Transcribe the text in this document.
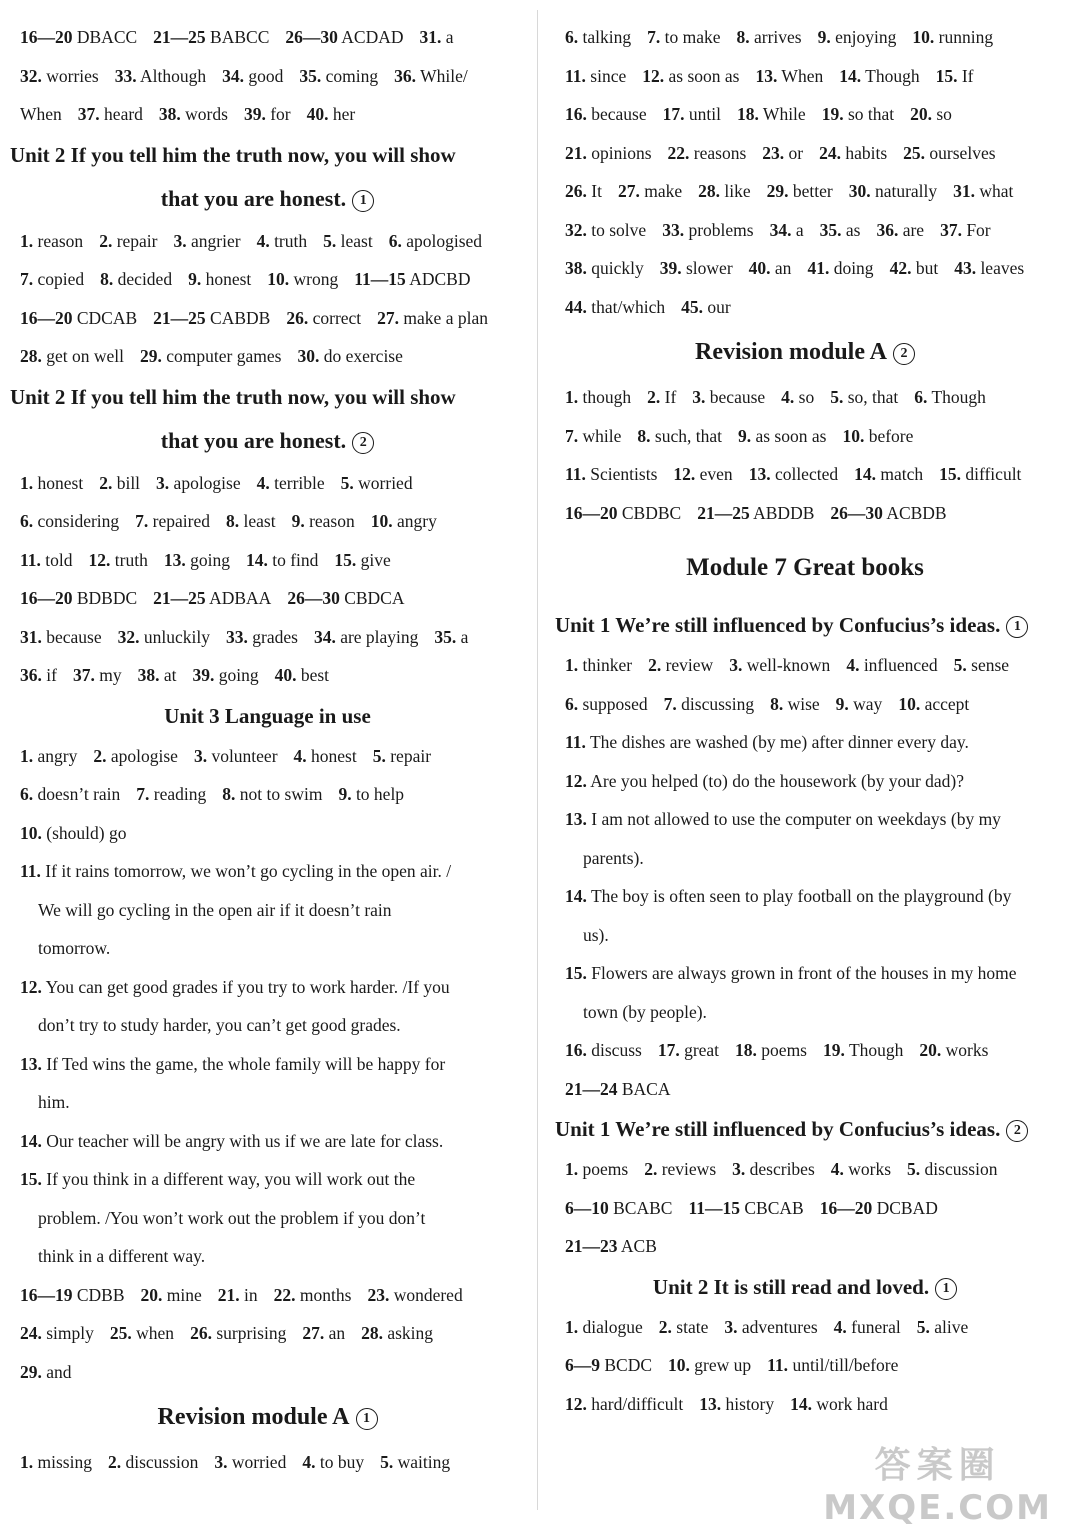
16—20 DBACC 21—25 BABCC 26—30 ACDAD 31. a
32. worries 33. Although 34. good 35. coming 36. While/
When 37. heard 38. words 39. for 40. her
Unit 2 If you tell him the truth now, you will show
that you are honest. 1
1. reason 2. repair 3. angrier 4. truth 5. least 6. apologised
7. copied 8. decided 9. honest 10. wrong 11—15 ADCBD
16—20 CDCAB 21—25 CABDB 26. correct 27. make a plan
28. get on well 29. computer games 30. do exercise
Unit 2 If you tell him the truth now, you will show
that you are honest. 2
1. honest 2. bill 3. apologise 4. terrible 5. worried
6. considering 7. repaired 8. least 9. reason 10. angry
11. told 12. truth 13. going 14. to find 15. give
16—20 BDBDC 21—25 ADBAA 26—30 CBDCA
31. because 32. unluckily 33. grades 34. are playing 35. a
36. if 37. my 38. at 39. going 40. best
Unit 3 Language in use
1. angry 2. apologise 3. volunteer 4. honest 5. repair
6. doesn’t rain 7. reading 8. not to swim 9. to help
10. (should) go
11. If it rains tomorrow, we won’t go cycling in the open air. /
We will go cycling in the open air if it doesn’t rain
tomorrow.
12. You can get good grades if you try to work harder. /If you
don’t try to study harder, you can’t get good grades.
13. If Ted wins the game, the whole family will be happy for
him.
14. Our teacher will be angry with us if we are late for class.
15. If you think in a different way, you will work out the
problem. /You won’t work out the problem if you don’t
think in a different way.
16—19 CDBB 20. mine 21. in 22. months 23. wondered
24. simply 25. when 26. surprising 27. an 28. asking
29. and
Revision module A 1
1. missing 2. discussion 3. worried 4. to buy 5. waiting
6. talking 7. to make 8. arrives 9. enjoying 10. running
11. since 12. as soon as 13. When 14. Though 15. If
16. because 17. until 18. While 19. so that 20. so
21. opinions 22. reasons 23. or 24. habits 25. ourselves
26. It 27. make 28. like 29. better 30. naturally 31. what
32. to solve 33. problems 34. a 35. as 36. are 37. For
38. quickly 39. slower 40. an 41. doing 42. but 43. leaves
44. that/which 45. our
Revision module A 2
1. though 2. If 3. because 4. so 5. so, that 6. Though
7. while 8. such, that 9. as soon as 10. before
11. Scientists 12. even 13. collected 14. match 15. difficult
16—20 CBDBC 21—25 ABDDB 26—30 ACBDB
Module 7 Great books
Unit 1 We’re still influenced by Confucius’s ideas. 1
1. thinker 2. review 3. well-known 4. influenced 5. sense
6. supposed 7. discussing 8. wise 9. way 10. accept
11. The dishes are washed (by me) after dinner every day.
12. Are you helped (to) do the housework (by your dad)?
13. I am not allowed to use the computer on weekdays (by my
parents).
14. The boy is often seen to play football on the playground (by
us).
15. Flowers are always grown in front of the houses in my home
town (by people).
16. discuss 17. great 18. poems 19. Though 20. works
21—24 BACA
Unit 1 We’re still influenced by Confucius’s ideas. 2
1. poems 2. reviews 3. describes 4. works 5. discussion
6—10 BCABC 11—15 CBCAB 16—20 DCBAD
21—23 ACB
Unit 2 It is still read and loved. 1
1. dialogue 2. state 3. adventures 4. funeral 5. alive
6—9 BCDC 10. grew up 11. until/till/before
12. hard/difficult 13. history 14. work hard
答案圈
MXQE.COM
